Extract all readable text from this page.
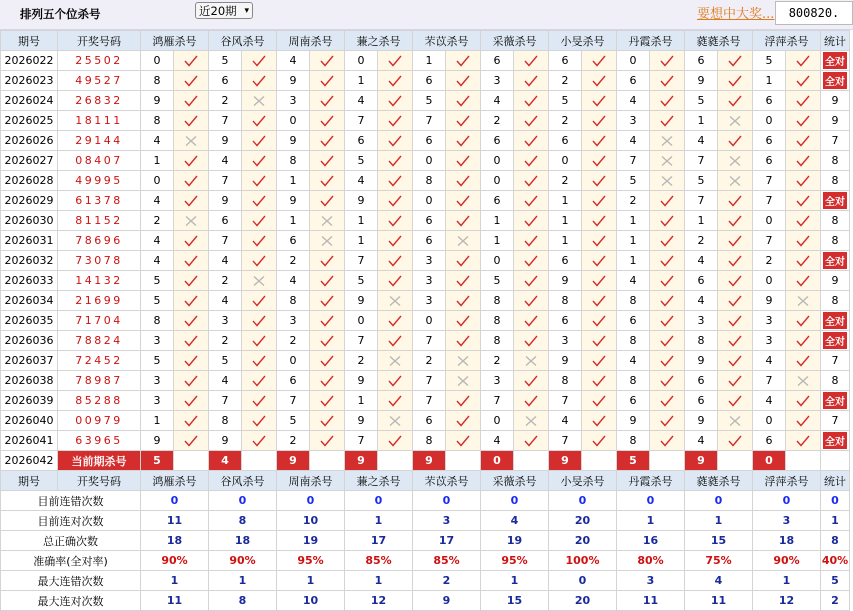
排列五个位杀号	近20期 ▾	要想中大奖...	800820.
期号	开奖号码	鸿雁杀号		谷风杀号		周南杀号		蒹之杀号		芣苡杀号		采薇杀号		小旻杀号		丹霞杀号		蕤蕤杀号		浮萍杀号		统计
2026022	25502	0		5		4		0		1		6		6		0		6		5		全对
2026023	49527	8		6		9		1		6		3		2		6		9		1		全对
2026024	26832	9		2		3		4		5		4		5		4		5		6		9
2026025	18111	8		7		0		7		7		2		2		3		1		0		9
2026026	29144	4		9		9		6		6		6		6		4		4		6		7
2026027	08407	1		4		8		5		0		0		0		7		7		6		8
2026028	49995	0		7		1		4		8		0		2		5		5		7		8
2026029	61378	4		9		9		9		0		6		1		2		7		7		全对
2026030	81152	2		6		1		1		6		1		1		1		1		0		8
2026031	78696	4		7		6		1		6		1		1		1		2		7		8
2026032	73078	4		4		2		7		3		0		6		1		4		2		全对
2026033	14132	5		2		4		5		3		5		9		4		6		0		9
2026034	21699	5		4		8		9		3		8		8		8		4		9		8
2026035	71704	8		3		3		0		0		8		6		6		3		3		全对
2026036	78824	3		2		2		7		7		8		3		8		8		3		全对
2026037	72452	5		5		0		2		2		2		9		4		9		4		7
2026038	78987	3		4		6		9		7		3		8		8		6		7		8
2026039	85288	3		7		7		1		7		7		7		6		6		4		全对
2026040	00979	1		8		5		9		6		0		4		9		9		0		7
2026041	63965	9		9		2		7		8		4		7		8		4		6		全对
2026042	当前期杀号	5		4		9		9		9		0		9		5		9		0		
期号	开奖号码	鸿雁杀号		谷风杀号		周南杀号		蒹之杀号		芣苡杀号		采薇杀号		小旻杀号		丹霞杀号		蕤蕤杀号		浮萍杀号		统计
目前连错次数		0		0		0		0		0		0		0		0		0		0		0
目前连对次数		11		8		10		1		3		4		20		1		1		3		1
总正确次数		18		18		19		17		17		19		20		16		15		18		8
准确率(全对率)		90%		90%		95%		85%		85%		95%		100%		80%		75%		90%		40%
最大连错次数		1		1		1		1		2		1		0		3		4		1		5
最大连对次数		11		8		10		12		9		15		20		11		11		12		2
